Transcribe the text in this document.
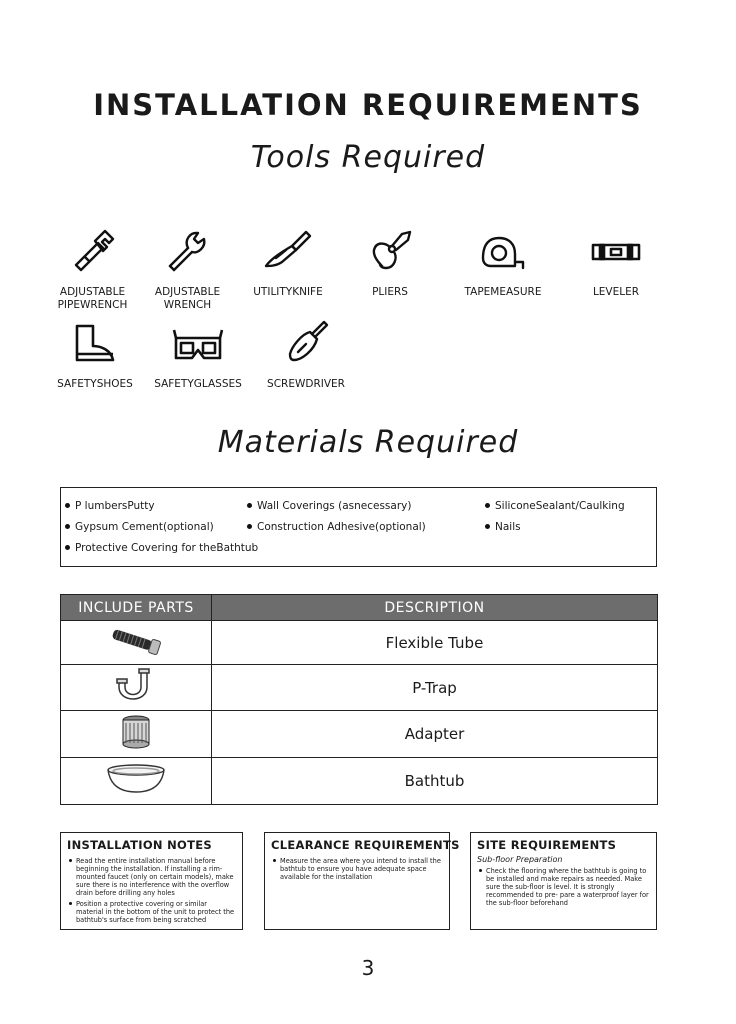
INSTALLATION REQUIREMENTS
Tools Required
ADJUSTABLE
PIPEWRENCH
ADJUSTABLE
WRENCH
UTILITYKNIFE	PLIERS	TAPEMEASURE	LEVELER
SAFETYSHOES SAFETYGLASSES SCREWDRIVER
Materials Required
P lumbersPutty	Wall Coverings (asnecessary)	SiliconeSealant/Caulking
Gypsum Cement(optional)	Construction Adhesive(optional)	Nails
Protective Covering for theBathtub
INCLUDE PARTS	DESCRIPTION
	Flexible Tube
	P-Trap
	Adapter
	Bathtub
INSTALLATION NOTES
Read the entire installation manual before beginning the installation. If installing a rim-mounted faucet (only on certain models), make sure there is no interference with the overflow drain before drilling any holes
Position a protective covering or similar material in the bottom of the unit to protect the bathtub's surface from being scratched
CLEARANCE REQUIREMENTS
Measure the area where you intend to install the bathtub to ensure you have adequate space available for the installation
SITE REQUIREMENTS
Sub-floor Preparation
Check the flooring where the bathtub is going to be installed and make repairs as needed. Make sure the sub-floor is level. It is strongly recommended to pre- pare a waterproof layer for the sub-floor beforehand
3
